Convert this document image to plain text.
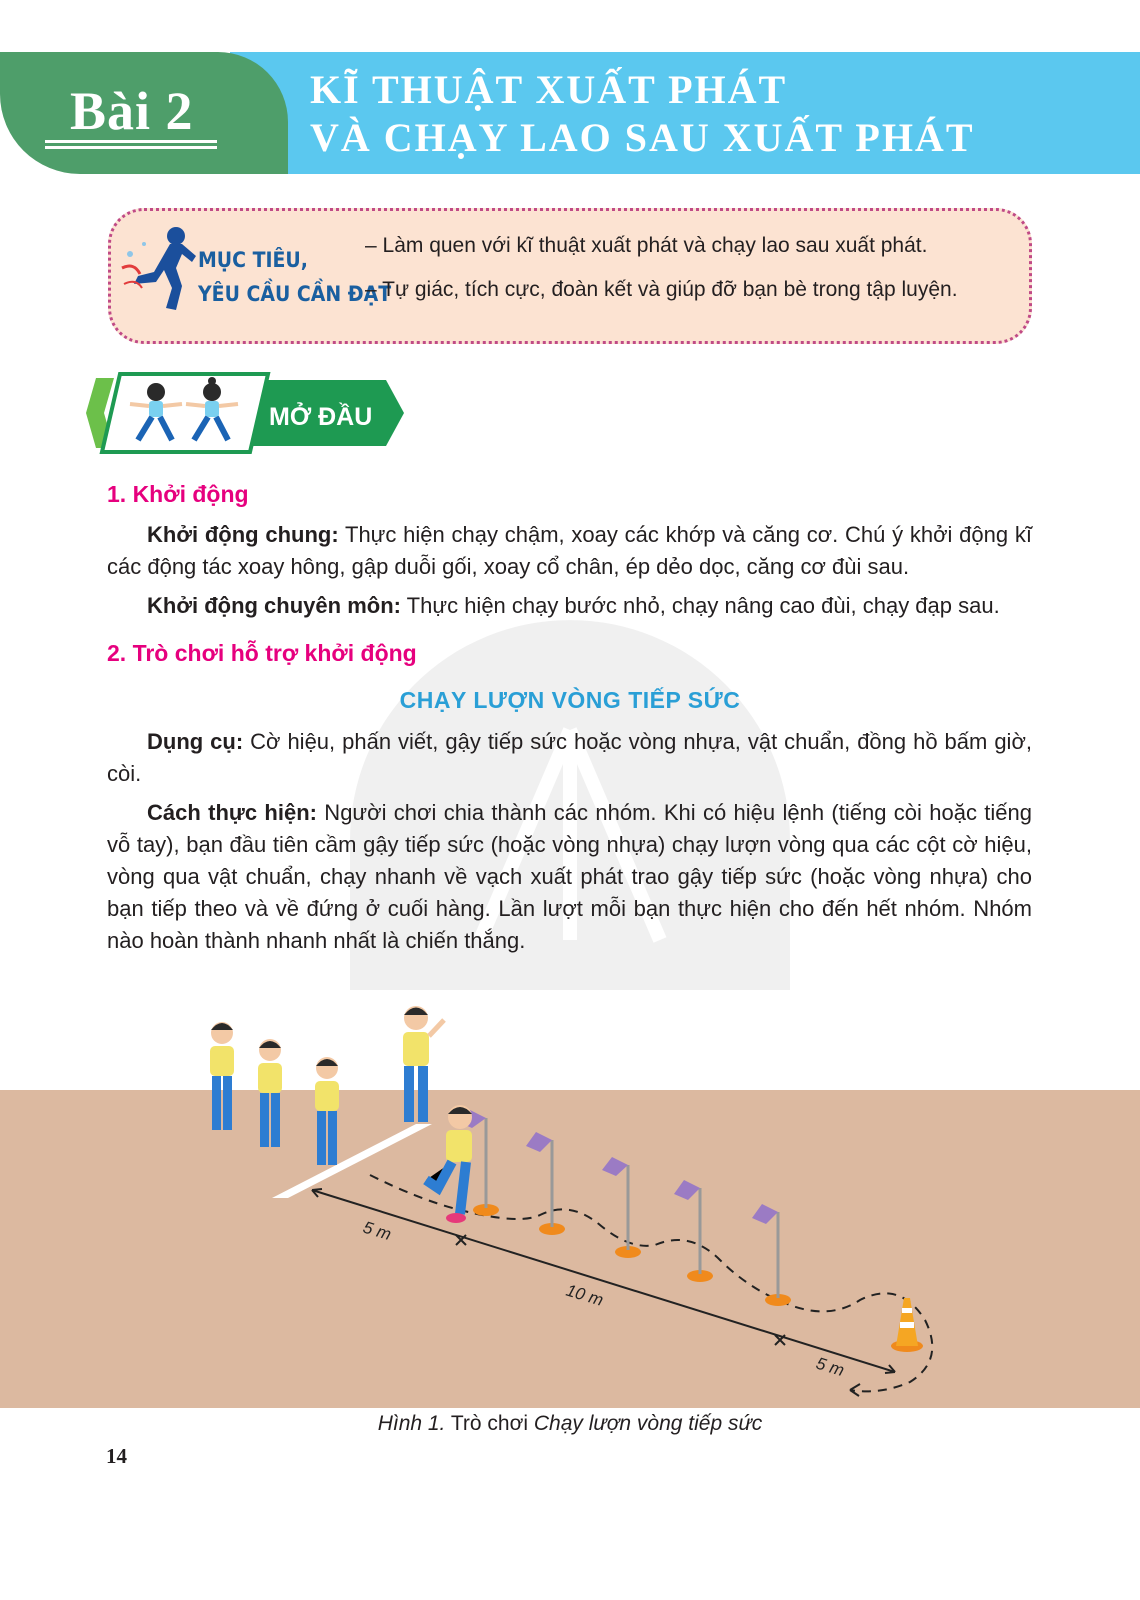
Bài 2	KĨ THUẬT XUẤT PHÁT
VÀ CHẠY LAO SAU XUẤT PHÁT
MỤC TIÊU,
YÊU CẦU CẦN ĐẠT
– Làm quen với kĩ thuật xuất phát và chạy lao sau xuất phát.
– Tự giác, tích cực, đoàn kết và giúp đỡ bạn bè trong tập luyện.
MỞ ĐẦU
1. Khởi động
Khởi động chung: Thực hiện chạy chậm, xoay các khớp và căng cơ. Chú ý khởi động kĩ các động tác xoay hông, gập duỗi gối, xoay cổ chân, ép dẻo dọc, căng cơ đùi sau.
Khởi động chuyên môn: Thực hiện chạy bước nhỏ, chạy nâng cao đùi, chạy đạp sau.
2. Trò chơi hỗ trợ khởi động
CHẠY LƯỢN VÒNG TIẾP SỨC
Dụng cụ: Cờ hiệu, phấn viết, gậy tiếp sức hoặc vòng nhựa, vật chuẩn, đồng hồ bấm giờ, còi.
Cách thực hiện: Người chơi chia thành các nhóm. Khi có hiệu lệnh (tiếng còi hoặc tiếng vỗ tay), bạn đầu tiên cầm gậy tiếp sức (hoặc vòng nhựa) chạy lượn vòng qua các cột cờ hiệu, vòng qua vật chuẩn, chạy nhanh về vạch xuất phát trao gậy tiếp sức (hoặc vòng nhựa) cho bạn tiếp theo và về đứng ở cuối hàng. Lần lượt mỗi bạn thực hiện cho đến hết nhóm. Nhóm nào hoàn thành nhanh nhất là chiến thắng.
5 m
10 m
5 m
Hình 1. Trò chơi Chạy lượn vòng tiếp sức
14
